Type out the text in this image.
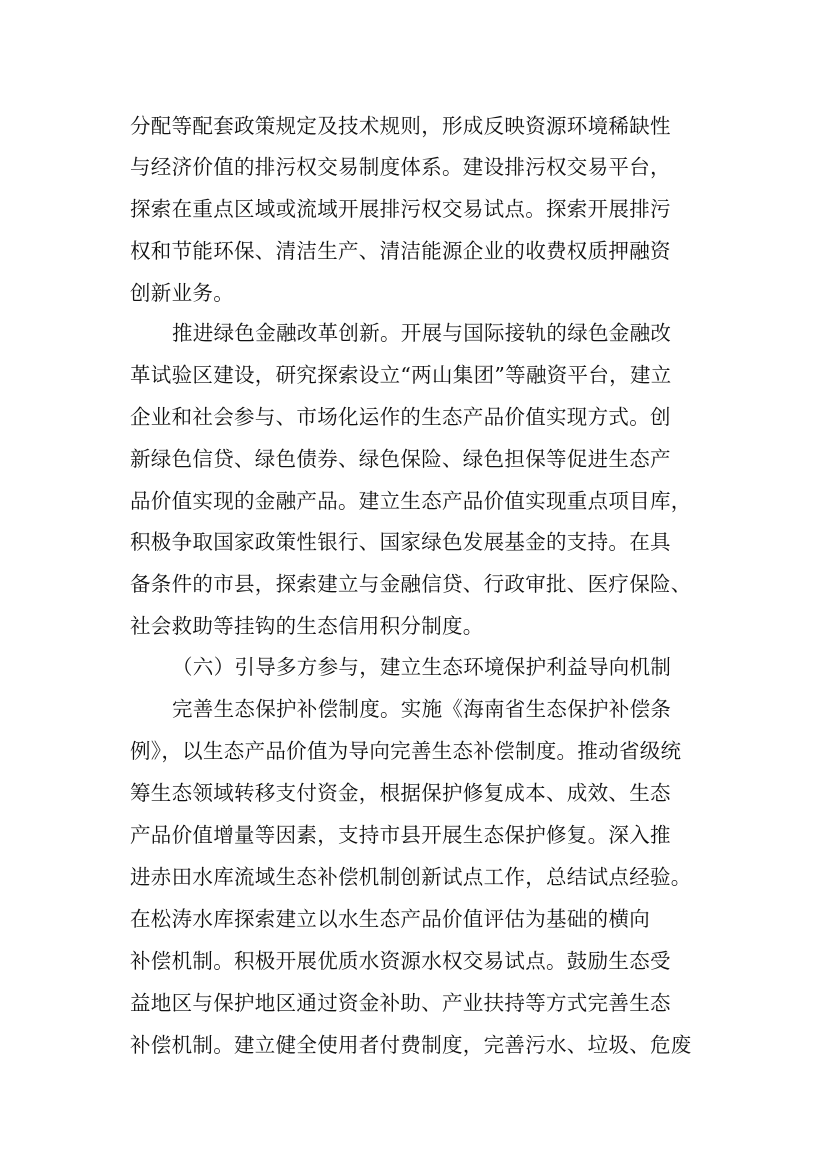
分配等配套政策规定及技术规则，形成反映资源环境稀缺性
与经济价值的排污权交易制度体系。建设排污权交易平台，
探索在重点区域或流域开展排污权交易试点。探索开展排污
权和节能环保、清洁生产、清洁能源企业的收费权质押融资
创新业务。
推进绿色金融改革创新。开展与国际接轨的绿色金融改
革试验区建设，研究探索设立“两山集团”等融资平台，建立
企业和社会参与、市场化运作的生态产品价值实现方式。创
新绿色信贷、绿色债券、绿色保险、绿色担保等促进生态产
品价值实现的金融产品。建立生态产品价值实现重点项目库，
积极争取国家政策性银行、国家绿色发展基金的支持。在具
备条件的市县，探索建立与金融信贷、行政审批、医疗保险、
社会救助等挂钩的生态信用积分制度。
（六）引导多方参与，建立生态环境保护利益导向机制
完善生态保护补偿制度。实施《海南省生态保护补偿条
例》，以生态产品价值为导向完善生态补偿制度。推动省级统
筹生态领域转移支付资金，根据保护修复成本、成效、生态
产品价值增量等因素，支持市县开展生态保护修复。深入推
进赤田水库流域生态补偿机制创新试点工作，总结试点经验。
在松涛水库探索建立以水生态产品价值评估为基础的横向
补偿机制。积极开展优质水资源水权交易试点。鼓励生态受
益地区与保护地区通过资金补助、产业扶持等方式完善生态
补偿机制。建立健全使用者付费制度，完善污水、垃圾、危废
